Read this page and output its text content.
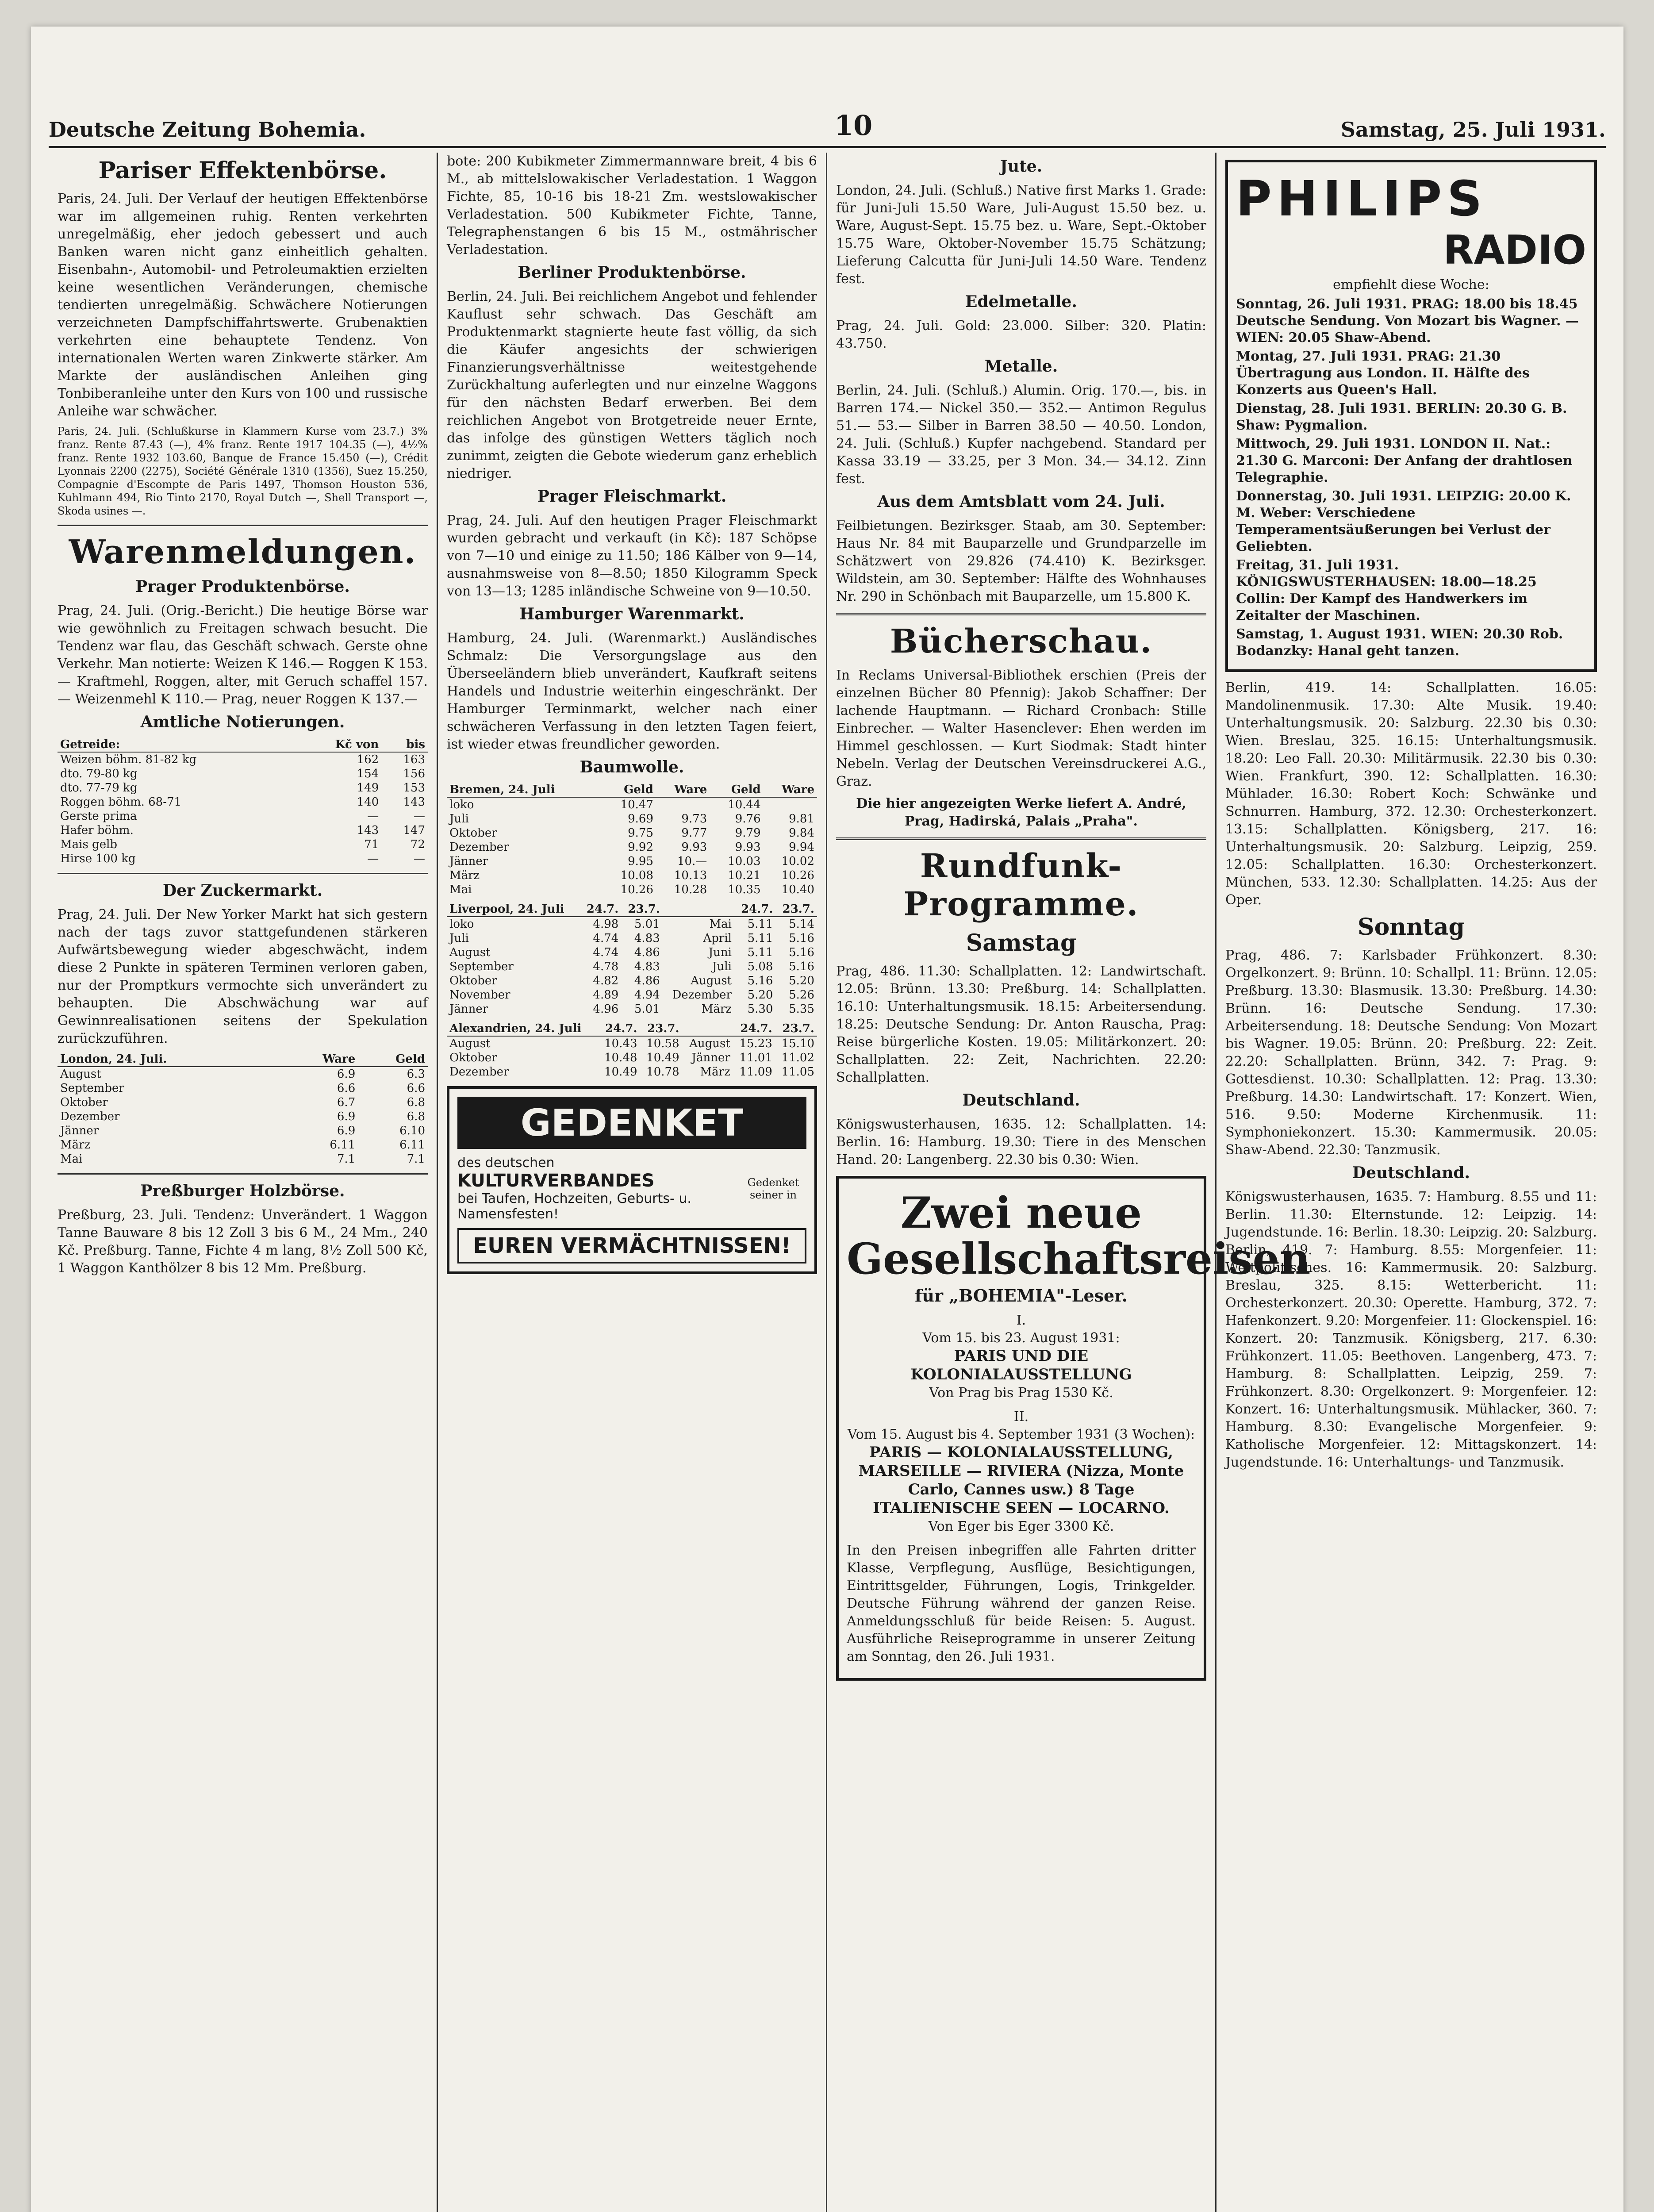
Deutsche Zeitung Bohemia.	10	Samstag, 25. Juli 1931.
Pariser Effektenbörse.

Paris, 24. Juli. Der Verlauf der heutigen Effektenbörse war im allgemeinen ruhig. Renten verkehrten unregelmäßig, eher jedoch gebessert und auch Banken waren nicht ganz einheitlich gehalten. Eisenbahn-, Automobil- und Petroleumaktien erzielten keine wesentlichen Veränderungen, chemische tendierten unregelmäßig. Schwächere Notierungen verzeichneten Dampfschiffahrtswerte. Grubenaktien verkehrten eine behauptete Tendenz. Von internationalen Werten waren Zinkwerte stärker. Am Markte der ausländischen Anleihen ging Tonbiberanleihe unter den Kurs von 100 und russische Anleihe war schwächer.

Paris, 24. Juli. (Schlußkurse in Klammern Kurse vom 23.7.) 3% franz. Rente 87.43 (—), 4% franz. Rente 1917 104.35 (—), 4½% franz. Rente 1932 103.60, Banque de France 15.450 (—), Crédit Lyonnais 2200 (2275), Société Générale 1310 (1356), Suez 15.250, Compagnie d'Escompte de Paris 1497, Thomson Houston 536, Kuhlmann 494, Rio Tinto 2170, Royal Dutch —, Shell Transport —, Skoda usines —.

Warenmeldungen.
Prager Produktenbörse.

Prag, 24. Juli. (Orig.-Bericht.) Die heutige Börse war wie gewöhnlich zu Freitagen schwach besucht. Die Tendenz war flau, das Geschäft schwach. Gerste ohne Verkehr. Man notierte: Weizen K 146.— Roggen K 153.— Kraftmehl, Roggen, alter, mit Geruch schaffel 157.— Weizenmehl K 110.— Prag, neuer Roggen K 137.—

Amtliche Notierungen.
Getreide:	Kč von	bis
Weizen böhm. 81-82 kg	162	163
dto. 79-80 kg	154	156
dto. 77-79 kg	149	153
Roggen böhm. 68-71	140	143
Gerste prima	—	—
Hafer böhm.	143	147
Mais gelb	71	72
Hirse 100 kg	—	—
Der Zuckermarkt.

Prag, 24. Juli. Der New Yorker Markt hat sich gestern nach der tags zuvor stattgefundenen stärkeren Aufwärtsbewegung wieder abgeschwächt, indem diese 2 Punkte in späteren Terminen verloren gaben, nur der Promptkurs vermochte sich unverändert zu behaupten. Die Abschwächung war auf Gewinnrealisationen seitens der Spekulation zurückzuführen.

London, 24. Juli.	Ware	Geld
August	6.9	6.3
September	6.6	6.6
Oktober	6.7	6.8
Dezember	6.9	6.8
Jänner	6.9	6.10
März	6.11	6.11
Mai	7.1	7.1
Preßburger Holzbörse.

Preßburg, 23. Juli. Tendenz: Unverändert. 1 Waggon Tanne Bauware 8 bis 12 Zoll 3 bis 6 M., 24 Mm., 240 Kč. Preßburg. Tanne, Fichte 4 m lang, 8½ Zoll 500 Kč, 1 Waggon Kanthölzer 8 bis 12 Mm. Preßburg.

bote: 200 Kubikmeter Zimmermannware breit, 4 bis 6 M., ab mittelslowakischer Verladestation. 1 Waggon Fichte, 85, 10-16 bis 18-21 Zm. westslowakischer Verladestation. 500 Kubikmeter Fichte, Tanne, Telegraphenstangen 6 bis 15 M., ostmährischer Verladestation.

Berliner Produktenbörse.

Berlin, 24. Juli. Bei reichlichem Angebot und fehlender Kauflust sehr schwach. Das Geschäft am Produktenmarkt stagnierte heute fast völlig, da sich die Käufer angesichts der schwierigen Finanzierungsverhältnisse weitestgehende Zurückhaltung auferlegten und nur einzelne Waggons für den nächsten Bedarf erwerben. Bei dem reichlichen Angebot von Brotgetreide neuer Ernte, das infolge des günstigen Wetters täglich noch zunimmt, zeigten die Gebote wiederum ganz erheblich niedriger.

Prager Fleischmarkt.

Prag, 24. Juli. Auf den heutigen Prager Fleischmarkt wurden gebracht und verkauft (in Kč): 187 Schöpse von 7—10 und einige zu 11.50; 186 Kälber von 9—14, ausnahmsweise von 8—8.50; 1850 Kilogramm Speck von 13—13; 1285 inländische Schweine von 9—10.50.

Hamburger Warenmarkt.

Hamburg, 24. Juli. (Warenmarkt.) Ausländisches Schmalz: Die Versorgungslage aus den Überseeländern blieb unverändert, Kaufkraft seitens Handels und Industrie weiterhin eingeschränkt. Der Hamburger Terminmarkt, welcher nach einer schwächeren Verfassung in den letzten Tagen feiert, ist wieder etwas freundlicher geworden.

Baumwolle.
Bremen, 24. Juli	Geld	Ware	Geld	Ware
loko	10.47		10.44	
Juli	9.69	9.73	9.76	9.81
Oktober	9.75	9.77	9.79	9.84
Dezember	9.92	9.93	9.93	9.94
Jänner	9.95	10.—	10.03	10.02
März	10.08	10.13	10.21	10.26
Mai	10.26	10.28	10.35	10.40
Liverpool, 24. Juli	24.7.	23.7.		24.7.	23.7.
loko	4.98	5.01	Mai	5.11	5.14
Juli	4.74	4.83	April	5.11	5.16
August	4.74	4.86	Juni	5.11	5.16
September	4.78	4.83	Juli	5.08	5.16
Oktober	4.82	4.86	August	5.16	5.20
November	4.89	4.94	Dezember	5.20	5.26
Jänner	4.96	5.01	März	5.30	5.35
Alexandrien, 24. Juli	24.7.	23.7.		24.7.	23.7.
August	10.43	10.58	August	15.23	15.10
Oktober	10.48	10.49	Jänner	11.01	11.02
Dezember	10.49	10.78	März	11.09	11.05
GEDENKET
des deutschen
KULTURVERBANDES
bei Taufen, Hochzeiten, Geburts- u. Namensfesten!
Gedenket seiner in
EUREN VERMÄCHTNISSEN!
Jute.

London, 24. Juli. (Schluß.) Native first Marks 1. Grade: für Juni-Juli 15.50 Ware, Juli-August 15.50 bez. u. Ware, August-Sept. 15.75 bez. u. Ware, Sept.-Oktober 15.75 Ware, Oktober-November 15.75 Schätzung; Lieferung Calcutta für Juni-Juli 14.50 Ware. Tendenz fest.

Edelmetalle.

Prag, 24. Juli. Gold: 23.000. Silber: 320. Platin: 43.750.

Metalle.

Berlin, 24. Juli. (Schluß.) Alumin. Orig. 170.—, bis. in Barren 174.— Nickel 350.— 352.— Antimon Regulus 51.— 53.— Silber in Barren 38.50 — 40.50. London, 24. Juli. (Schluß.) Kupfer nachgebend. Standard per Kassa 33.19 — 33.25, per 3 Mon. 34.— 34.12. Zinn fest.

Aus dem Amtsblatt vom 24. Juli.

Feilbietungen. Bezirksger. Staab, am 30. September: Haus Nr. 84 mit Bauparzelle und Grundparzelle im Schätzwert von 29.826 (74.410) K. Bezirksger. Wildstein, am 30. September: Hälfte des Wohnhauses Nr. 290 in Schönbach mit Bauparzelle, um 15.800 K.

Bücherschau.

In Reclams Universal-Bibliothek erschien (Preis der einzelnen Bücher 80 Pfennig): Jakob Schaffner: Der lachende Hauptmann. — Richard Cronbach: Stille Einbrecher. — Walter Hasenclever: Ehen werden im Himmel geschlossen. — Kurt Siodmak: Stadt hinter Nebeln. Verlag der Deutschen Vereinsdruckerei A.G., Graz.

Die hier angezeigten Werke liefert A. André, Prag, Hadirská, Palais „Praha".

Rundfunk-Programme.
Samstag

Prag, 486. 11.30: Schallplatten. 12: Landwirtschaft. 12.05: Brünn. 13.30: Preßburg. 14: Schallplatten. 16.10: Unterhaltungsmusik. 18.15: Arbeitersendung. 18.25: Deutsche Sendung: Dr. Anton Rauscha, Prag: Reise bürgerliche Kosten. 19.05: Militärkonzert. 20: Schallplatten. 22: Zeit, Nachrichten. 22.20: Schallplatten.

Deutschland.

Königswusterhausen, 1635. 12: Schallplatten. 14: Berlin. 16: Hamburg. 19.30: Tiere in des Menschen Hand. 20: Langenberg. 22.30 bis 0.30: Wien.

Zwei neue Gesellschaftsreisen
für „BOHEMIA"-Leser.
I.
Vom 15. bis 23. August 1931:
PARIS UND DIE KOLONIALAUSSTELLUNG
Von Prag bis Prag 1530 Kč.
II.
Vom 15. August bis 4. September 1931 (3 Wochen):
PARIS — KOLONIALAUSSTELLUNG, MARSEILLE — RIVIERA (Nizza, Monte Carlo, Cannes usw.) 8 Tage ITALIENISCHE SEEN — LOCARNO.
Von Eger bis Eger 3300 Kč.

In den Preisen inbegriffen alle Fahrten dritter Klasse, Verpflegung, Ausflüge, Besichtigungen, Eintrittsgelder, Führungen, Logis, Trinkgelder. Deutsche Führung während der ganzen Reise. Anmeldungsschluß für beide Reisen: 5. August. Ausführliche Reiseprogramme in unserer Zeitung am Sonntag, den 26. Juli 1931.

PHILIPS
RADIO
empfiehlt diese Woche:
Sonntag, 26. Juli 1931. PRAG: 18.00 bis 18.45 Deutsche Sendung. Von Mozart bis Wagner. — WIEN: 20.05 Shaw-Abend.
Montag, 27. Juli 1931. PRAG: 21.30 Übertragung aus London. II. Hälfte des Konzerts aus Queen's Hall.
Dienstag, 28. Juli 1931. BERLIN: 20.30 G. B. Shaw: Pygmalion.
Mittwoch, 29. Juli 1931. LONDON II. Nat.: 21.30 G. Marconi: Der Anfang der drahtlosen Telegraphie.
Donnerstag, 30. Juli 1931. LEIPZIG: 20.00 K. M. Weber: Verschiedene Temperamentsäußerungen bei Verlust der Geliebten.
Freitag, 31. Juli 1931. KÖNIGSWUSTERHAUSEN: 18.00—18.25 Collin: Der Kampf des Handwerkers im Zeitalter der Maschinen.
Samstag, 1. August 1931. WIEN: 20.30 Rob. Bodanzky: Hanal geht tanzen.

Berlin, 419. 14: Schallplatten. 16.05: Mandolinenmusik. 17.30: Alte Musik. 19.40: Unterhaltungsmusik. 20: Salzburg. 22.30 bis 0.30: Wien. Breslau, 325. 16.15: Unterhaltungsmusik. 18.20: Leo Fall. 20.30: Militärmusik. 22.30 bis 0.30: Wien. Frankfurt, 390. 12: Schallplatten. 16.30: Mühlader. 16.30: Robert Koch: Schwänke und Schnurren. Hamburg, 372. 12.30: Orchesterkonzert. 13.15: Schallplatten. Königsberg, 217. 16: Unterhaltungsmusik. 20: Salzburg. Leipzig, 259. 12.05: Schallplatten. 16.30: Orchesterkonzert. München, 533. 12.30: Schallplatten. 14.25: Aus der Oper.

Sonntag

Prag, 486. 7: Karlsbader Frühkonzert. 8.30: Orgelkonzert. 9: Brünn. 10: Schallpl. 11: Brünn. 12.05: Preßburg. 13.30: Blasmusik. 13.30: Preßburg. 14.30: Brünn. 16: Deutsche Sendung. 17.30: Arbeitersendung. 18: Deutsche Sendung: Von Mozart bis Wagner. 19.05: Brünn. 20: Preßburg. 22: Zeit. 22.20: Schallplatten. Brünn, 342. 7: Prag. 9: Gottesdienst. 10.30: Schallplatten. 12: Prag. 13.30: Preßburg. 14.30: Landwirtschaft. 17: Konzert. Wien, 516. 9.50: Moderne Kirchenmusik. 11: Symphoniekonzert. 15.30: Kammermusik. 20.05: Shaw-Abend. 22.30: Tanzmusik.

Deutschland.

Königswusterhausen, 1635. 7: Hamburg. 8.55 und 11: Berlin. 11.30: Elternstunde. 12: Leipzig. 14: Jugendstunde. 16: Berlin. 18.30: Leipzig. 20: Salzburg. Berlin, 419. 7: Hamburg. 8.55: Morgenfeier. 11: Weltpolitisches. 16: Kammermusik. 20: Salzburg. Breslau, 325. 8.15: Wetterbericht. 11: Orchesterkonzert. 20.30: Operette. Hamburg, 372. 7: Hafenkonzert. 9.20: Morgenfeier. 11: Glockenspiel. 16: Konzert. 20: Tanzmusik. Königsberg, 217. 6.30: Frühkonzert. 11.05: Beethoven. Langenberg, 473. 7: Hamburg. 8: Schallplatten. Leipzig, 259. 7: Frühkonzert. 8.30: Orgelkonzert. 9: Morgenfeier. 12: Konzert. 16: Unterhaltungsmusik. Mühlacker, 360. 7: Hamburg. 8.30: Evangelische Morgenfeier. 9: Katholische Morgenfeier. 12: Mittagskonzert. 14: Jugendstunde. 16: Unterhaltungs- und Tanzmusik.
